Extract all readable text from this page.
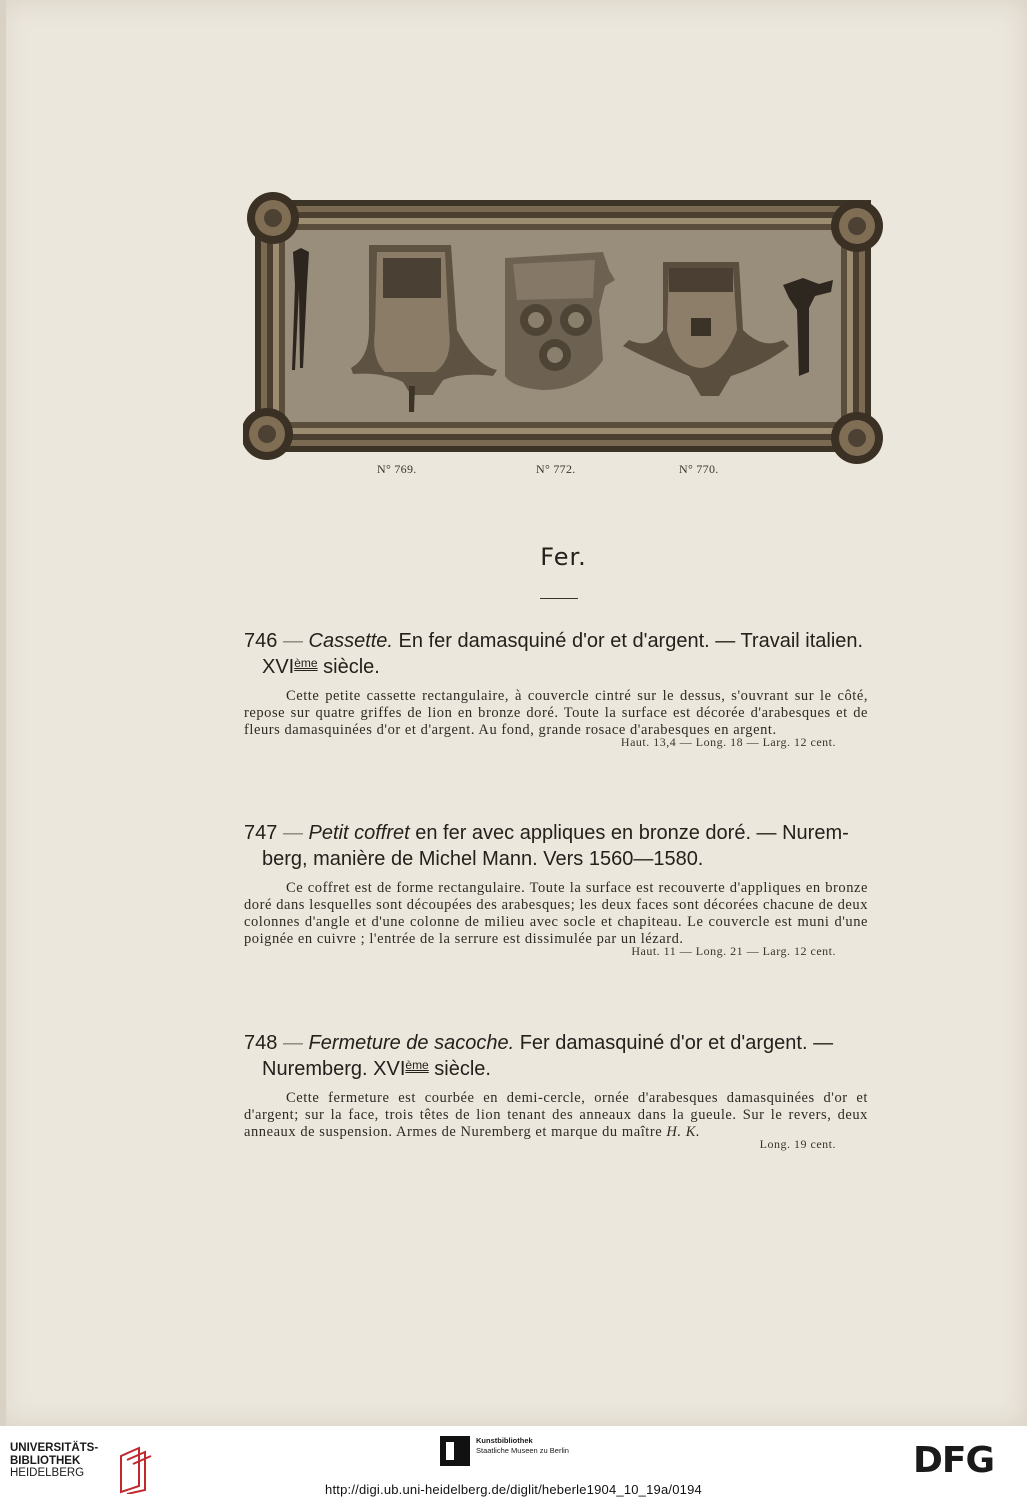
N° 769.	N° 772.	N° 770.
Fer.
746 — Cassette. En fer damasquiné d'or et d'argent. — Travail italien.
XVIème siècle.
Cette petite cassette rectangulaire, à couvercle cintré sur le dessus, s'ouvrant sur le côté, repose sur quatre griffes de lion en bronze doré. Toute la surface est décorée d'arabesques et de fleurs damasquinées d'or et d'argent. Au fond, grande rosace d'arabesques en argent.
Haut. 13,4 — Long. 18 — Larg. 12 cent.
747 — Petit coffret en fer avec appliques en bronze doré. — Nurem-
berg, manière de Michel Mann. Vers 1560—1580.
Ce coffret est de forme rectangulaire. Toute la surface est recouverte d'appliques en bronze doré dans lesquelles sont découpées des arabesques; les deux faces sont décorées chacune de deux colonnes d'angle et d'une colonne de milieu avec socle et chapiteau. Le couvercle est muni d'une poignée en cuivre ; l'entrée de la serrure est dissimulée par un lézard.
Haut. 11 — Long. 21 — Larg. 12 cent.
748 — Fermeture de sacoche. Fer damasquiné d'or et d'argent. —
Nuremberg. XVIème siècle.
Cette fermeture est courbée en demi-cercle, ornée d'arabesques damasquinées d'or et d'argent; sur la face, trois têtes de lion tenant des anneaux dans la gueule. Sur le revers, deux anneaux de suspension. Armes de Nuremberg et marque du maître H. K.
Long. 19 cent.
UNIVERSITÄTS-
BIBLIOTHEK
HEIDELBERG
Kunstbibliothek
Staatliche Museen zu Berlin	DFG
http://digi.ub.uni-heidelberg.de/diglit/heberle1904_10_19a/0194
